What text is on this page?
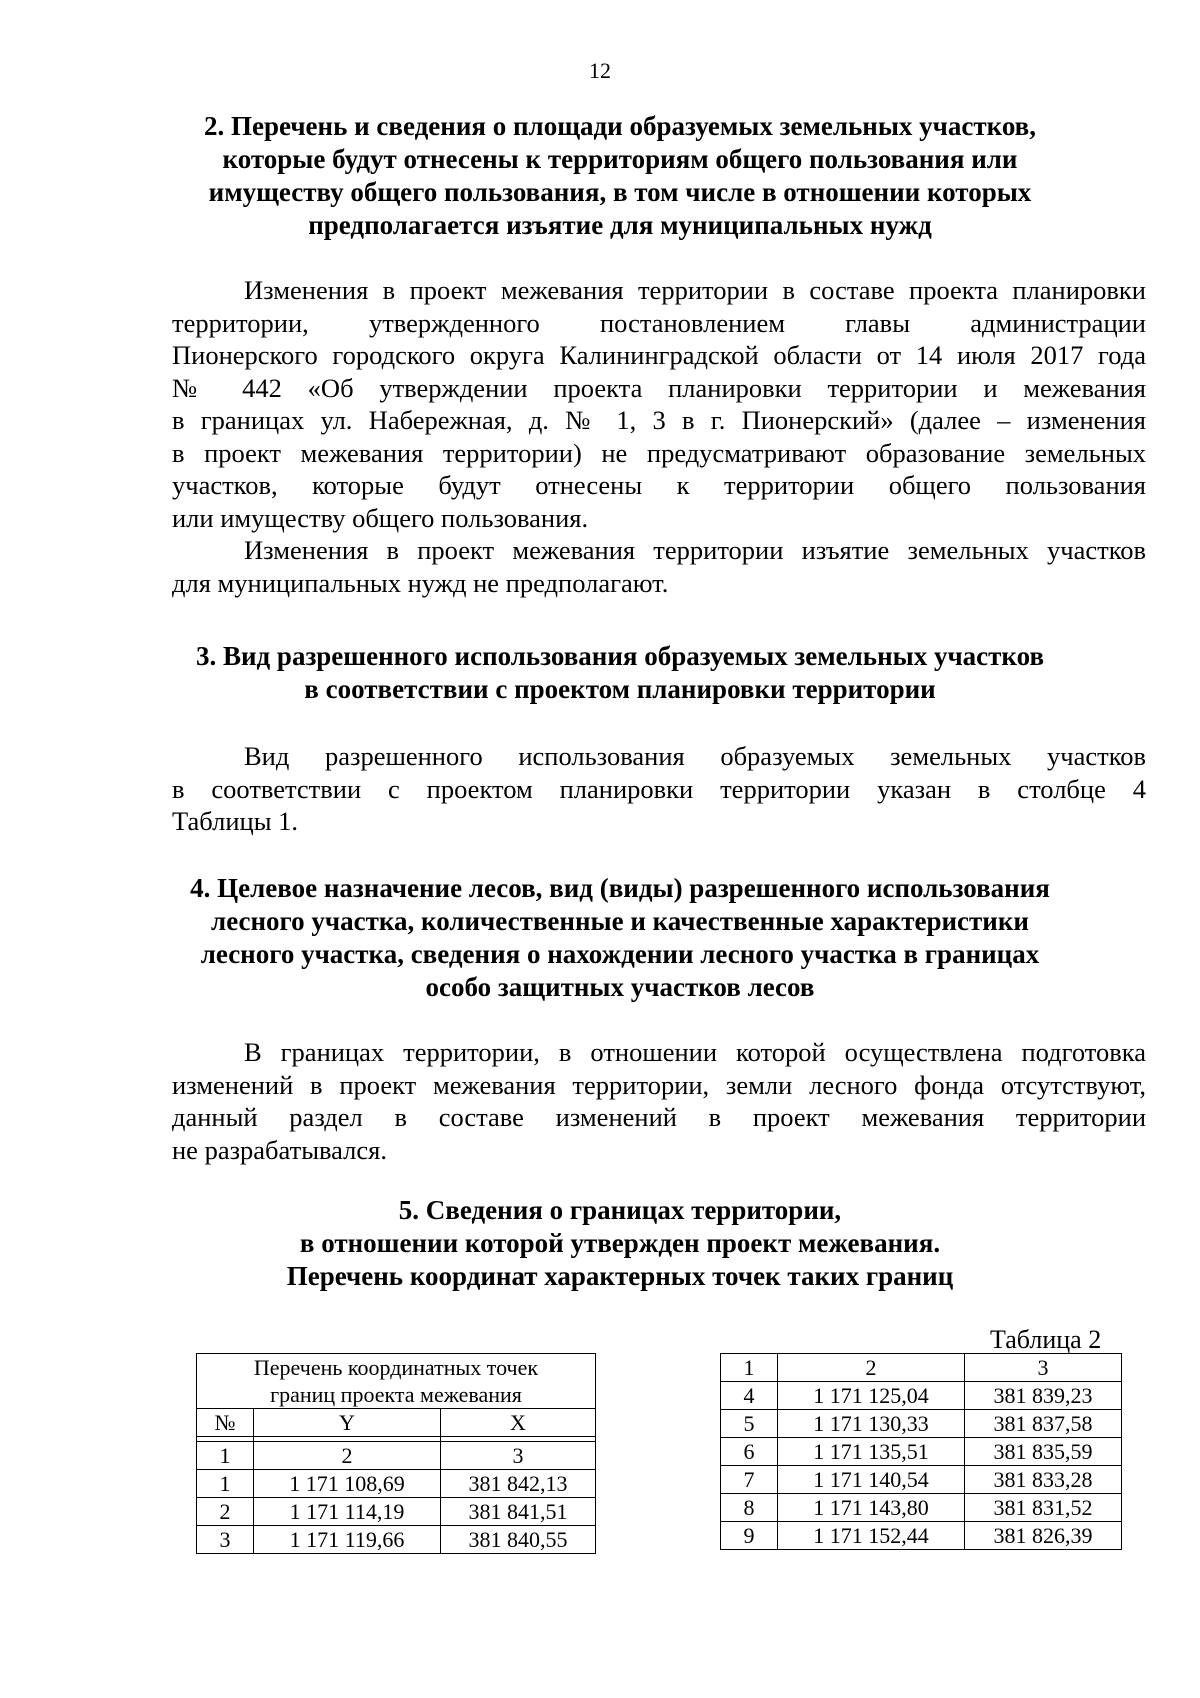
12
2. Перечень и сведения о площади образуемых земельных участков,
которые будут отнесены к территориям общего пользования или
имуществу общего пользования, в том числе в отношении которых
предполагается изъятие для муниципальных нужд
Изменения в проект межевания территории в составе проекта планировки
территории, утвержденного постановлением главы администрации
Пионерского городского округа Калининградской области от 14 июля 2017 года
№ 442 «Об утверждении проекта планировки территории и межевания
в границах ул. Набережная, д. № 1, 3 в г. Пионерский» (далее – изменения
в проект межевания территории) не предусматривают образование земельных
участков, которые будут отнесены к территории общего пользования
или имуществу общего пользования.
Изменения в проект межевания территории изъятие земельных участков
для муниципальных нужд не предполагают.
3. Вид разрешенного использования образуемых земельных участков
в соответствии с проектом планировки территории
Вид разрешенного использования образуемых земельных участков
в соответствии с проектом планировки территории указан в столбце 4
Таблицы 1.
4. Целевое назначение лесов, вид (виды) разрешенного использования
лесного участка, количественные и качественные характеристики
лесного участка, сведения о нахождении лесного участка в границах
особо защитных участков лесов
В границах территории, в отношении которой осуществлена подготовка
изменений в проект межевания территории, земли лесного фонда отсутствуют,
данный раздел в составе изменений в проект межевания территории
не разрабатывался.
5. Сведения о границах территории,
в отношении которой утвержден проект межевания.
Перечень координат характерных точек таких границ
Таблица 2
Перечень координатных точек
границ проекта межевания		

№	Y	X

1	2	3
1	1 171 108,69	381 842,13
2	1 171 114,19	381 841,51
3	1 171 119,66	381 840,55
1	2	3
4	1 171 125,04	381 839,23
5	1 171 130,33	381 837,58
6	1 171 135,51	381 835,59
7	1 171 140,54	381 833,28
8	1 171 143,80	381 831,52
9	1 171 152,44	381 826,39
